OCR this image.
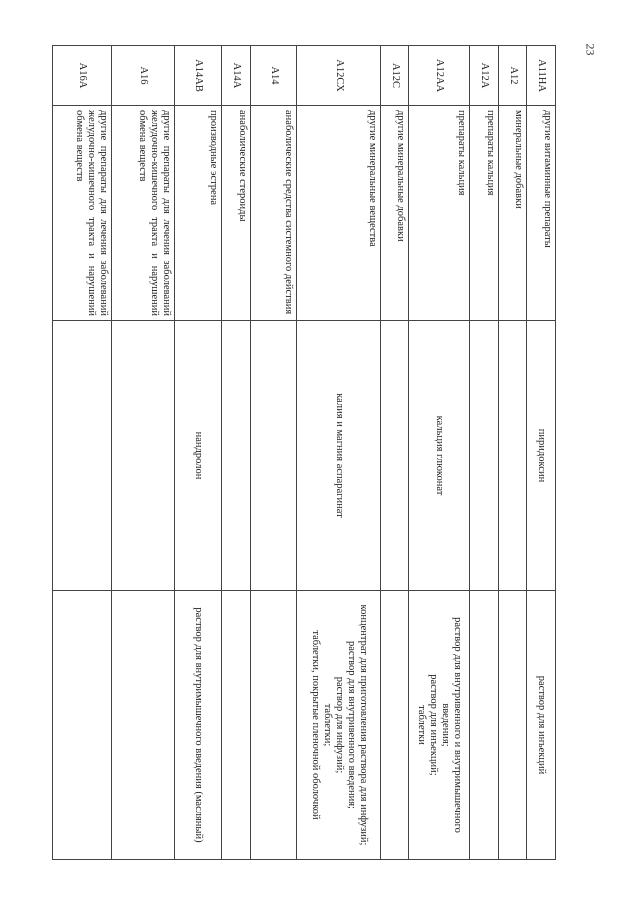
23
А11НА	другие витаминные препараты	пиридоксин	раствор для инъекций
А12	минеральные добавки		
А12А	препараты кальция		
А12АА	препараты кальция	кальция глюконат	раствор для внутривенного и внутримышечного введения;
раствор для инъекций;
таблетки
А12С	другие минеральные добавки		
А12СХ	другие минеральные вещества	калия и магния аспарагинат	концентрат для приготовления раствора для инфузий;
раствор для внутривенного введения;
раствор для инфузий;
таблетки;
таблетки, покрытые пленочной оболочкой
А14	анаболические средства системного действия		
А14А	анаболические стероиды		
А14АВ	производные эстрена	нандролон	раствор для внутримышечного введения (масляный)
А16	другие препараты для лечения заболеваний желудочно-кишечного тракта и нарушений обмена веществ		
А16А	другие препараты для лечения заболеваний желудочно-кишечного тракта и нарушений обмена веществ		
